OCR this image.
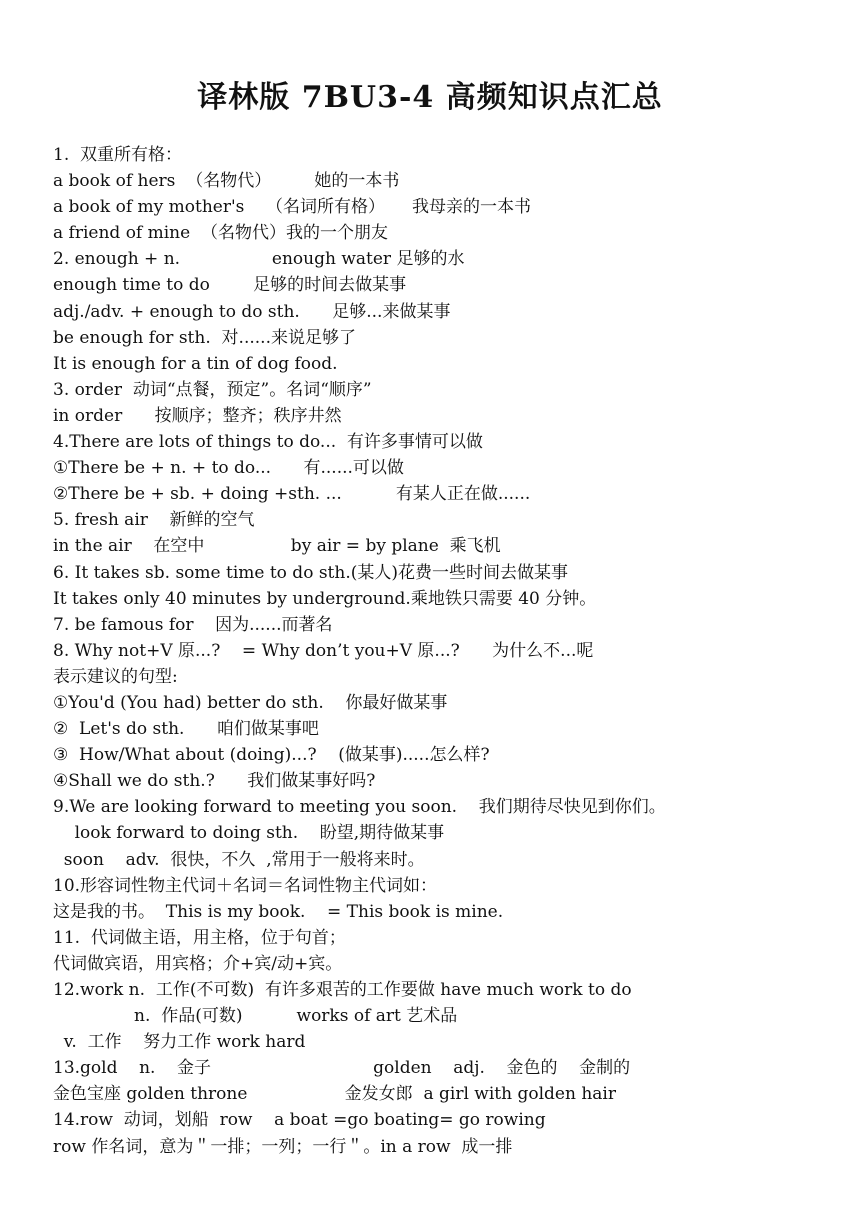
译林版 7BU3-4 高频知识点汇总
1.  双重所有格：
a book of hers  （名物代）        她的一本书
a book of my mother's    （名词所有格）     我母亲的一本书
a friend of mine  （名物代）我的一个朋友
2. enough + n.                 enough water 足够的水
enough time to do        足够的时间去做某事
adj./adv. + enough to do sth.      足够...来做某事
be enough for sth.  对......来说足够了
It is enough for a tin of dog food.
3. order  动词“点餐，预定”。名词“顺序”
in order      按顺序；整齐；秩序井然
4.There are lots of things to do...  有许多事情可以做
①There be + n. + to do...      有......可以做
②There be + sb. + doing +sth. ...          有某人正在做......
5. fresh air    新鲜的空气
in the air    在空中                by air = by plane  乘飞机
6. It takes sb. some time to do sth.(某人)花费一些时间去做某事
It takes only 40 minutes by underground.乘地铁只需要 40 分钟。
7. be famous for    因为......而著名
8. Why not+V 原...?    = Why don’t you+V 原...?      为什么不...呢
表示建议的句型:
①You'd (You had) better do sth.    你最好做某事
②  Let's do sth.      咱们做某事吧
③  How/What about (doing)...?    (做某事).....怎么样?
④Shall we do sth.?      我们做某事好吗?
9.We are looking forward to meeting you soon.    我们期待尽快见到你们。
look forward to doing sth.    盼望,期待做某事
soon    adv.  很快，不久  ,常用于一般将来时。
10.形容词性物主代词＋名词＝名词性物主代词如：
这是我的书。  This is my book.    = This book is mine.
11.  代词做主语，用主格，位于句首；
代词做宾语，用宾格；介+宾/动+宾。
12.work n.  工作(不可数)  有许多艰苦的工作要做 have much work to do
n.  作品(可数)          works of art 艺术品
v.  工作    努力工作 work hard
13.gold    n.    金子                              golden    adj.    金色的    金制的
金色宝座 golden throne                  金发女郎  a girl with golden hair
14.row  动词，划船  row    a boat =go boating= go rowing
row 作名词，意为＂一排；一列；一行＂。in a row  成一排
